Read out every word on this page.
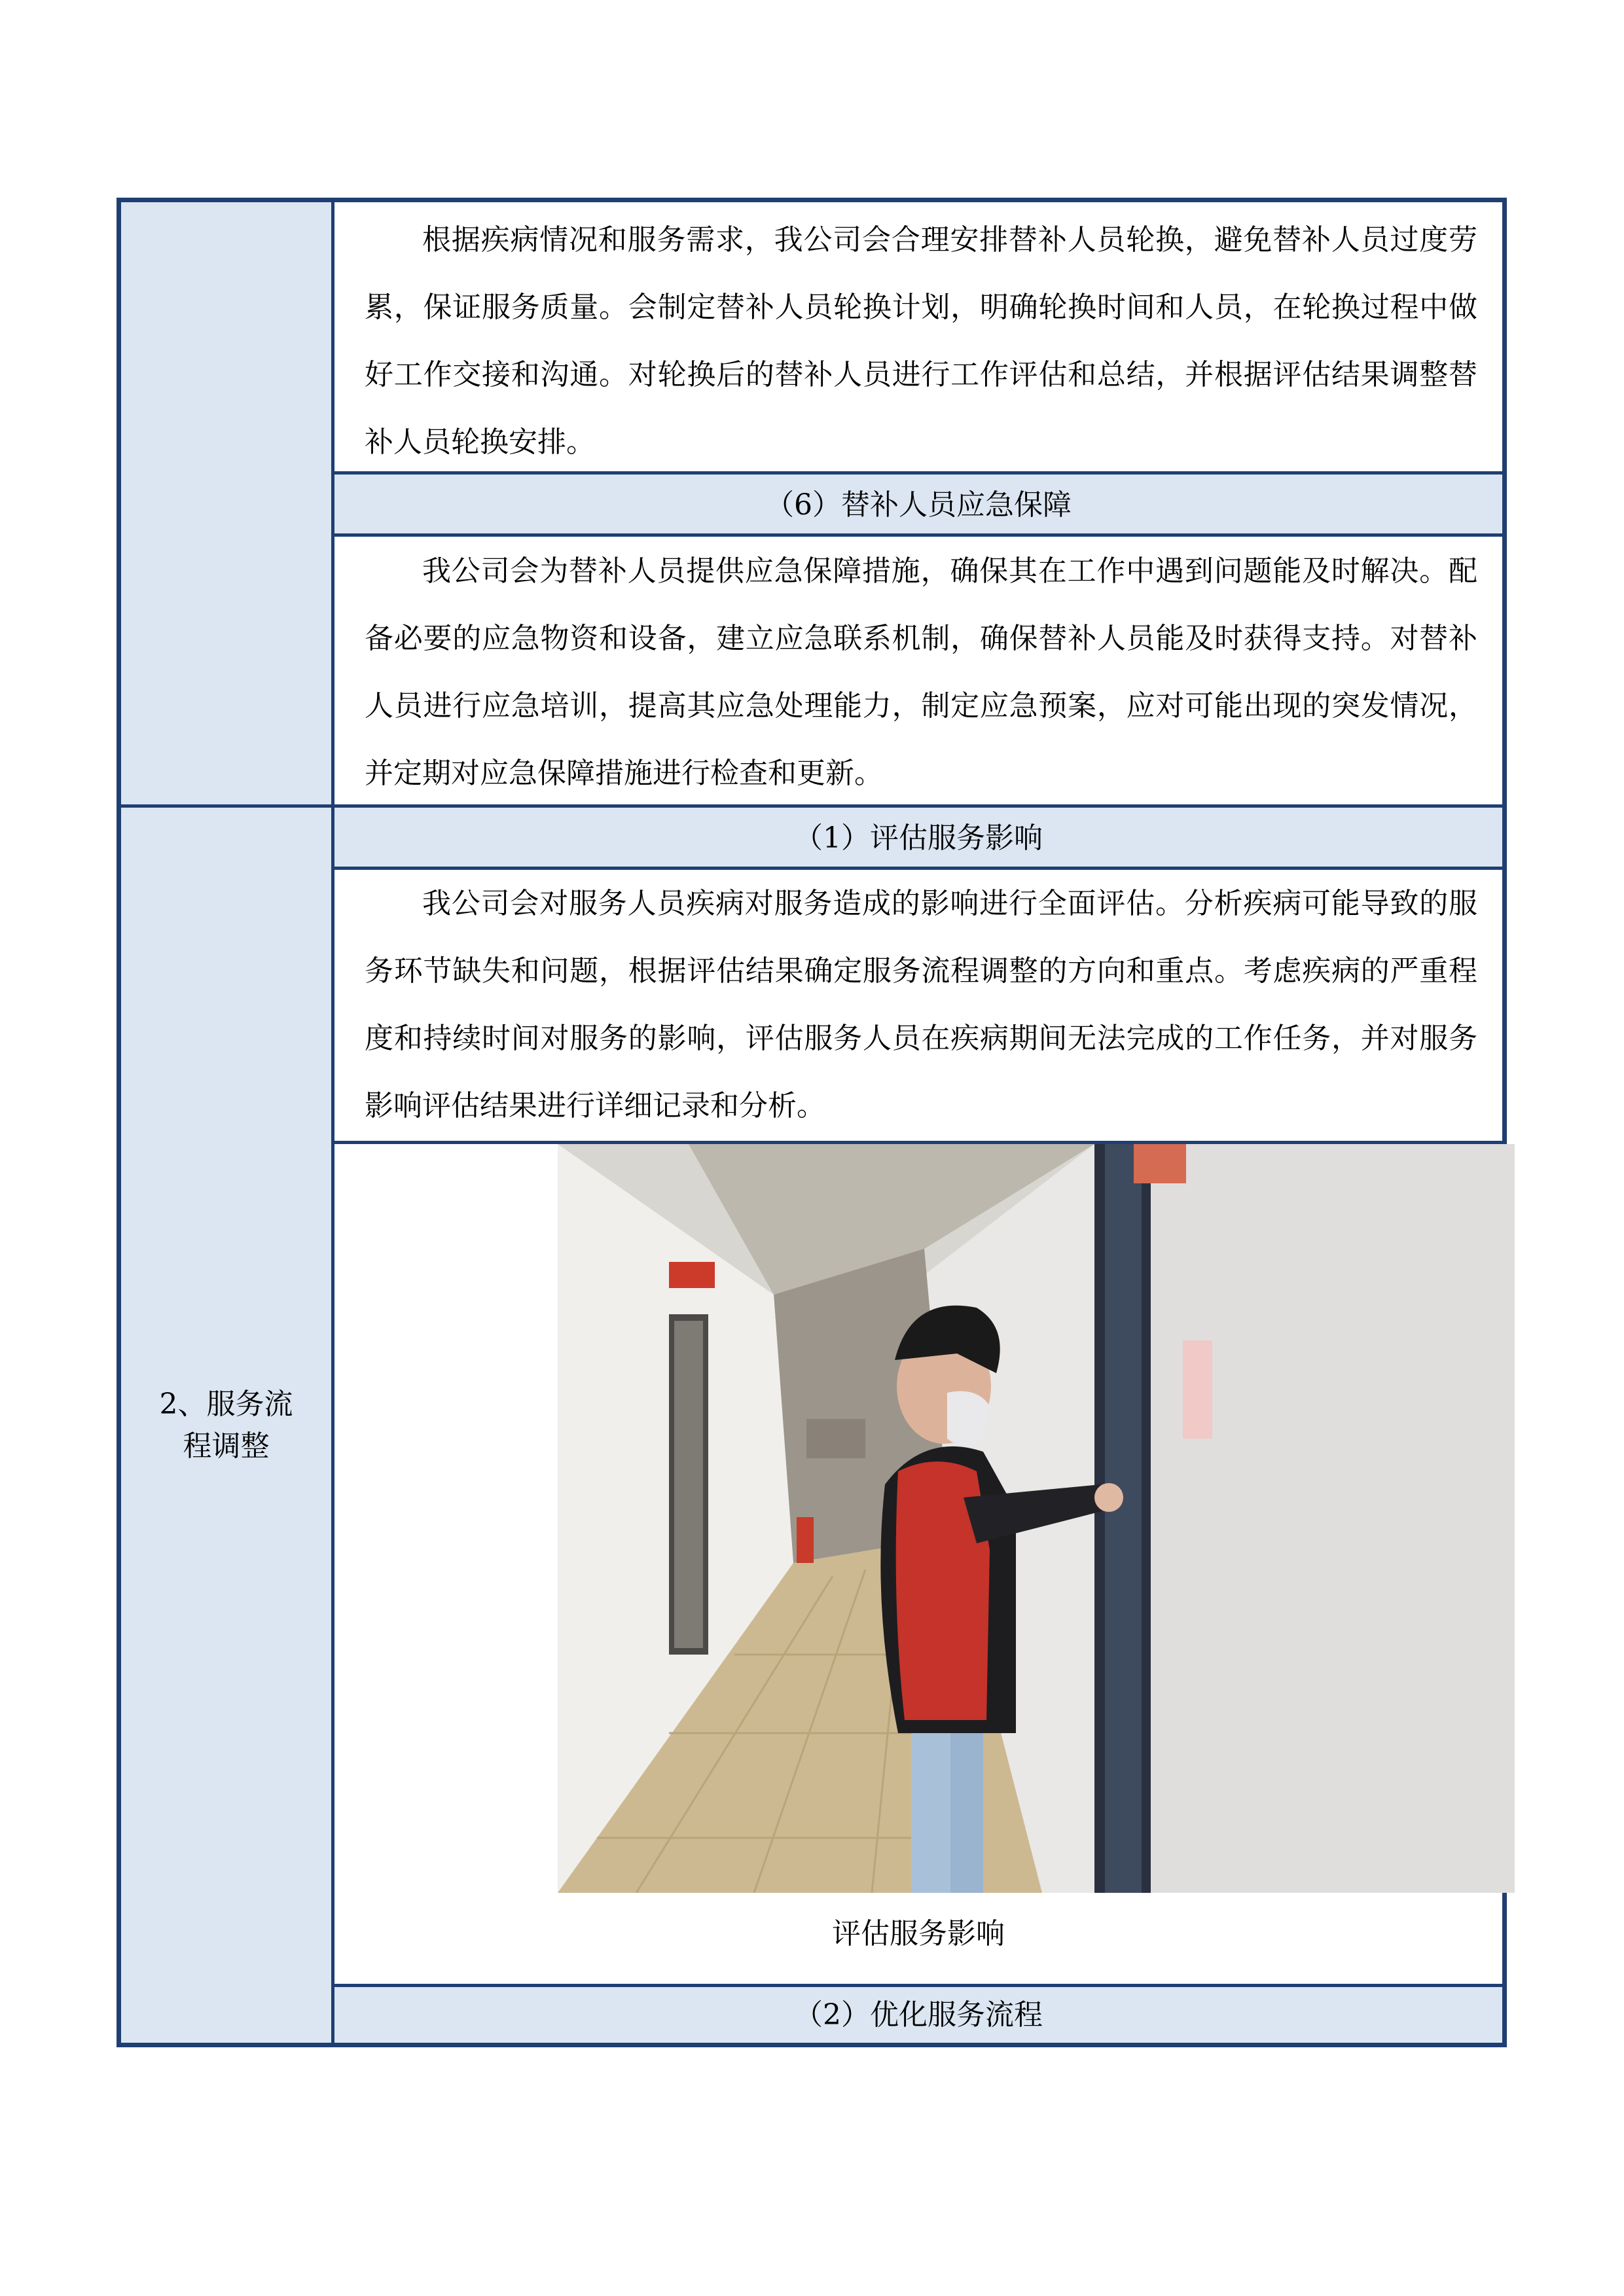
2、服务流程调整
根据疾病情况和服务需求，我公司会合理安排替补人员轮换，避免替补人员过度劳累，保证服务质量。会制定替补人员轮换计划，明确轮换时间和人员，在轮换过程中做好工作交接和沟通。对轮换后的替补人员进行工作评估和总结，并根据评估结果调整替补人员轮换安排。
（6）替补人员应急保障
我公司会为替补人员提供应急保障措施，确保其在工作中遇到问题能及时解决。配备必要的应急物资和设备，建立应急联系机制，确保替补人员能及时获得支持。对替补人员进行应急培训，提高其应急处理能力，制定应急预案，应对可能出现的突发情况，并定期对应急保障措施进行检查和更新。
（1）评估服务影响
我公司会对服务人员疾病对服务造成的影响进行全面评估。分析疾病可能导致的服务环节缺失和问题，根据评估结果确定服务流程调整的方向和重点。考虑疾病的严重程度和持续时间对服务的影响，评估服务人员在疾病期间无法完成的工作任务，并对服务影响评估结果进行详细记录和分析。
评估服务影响
（2）优化服务流程
